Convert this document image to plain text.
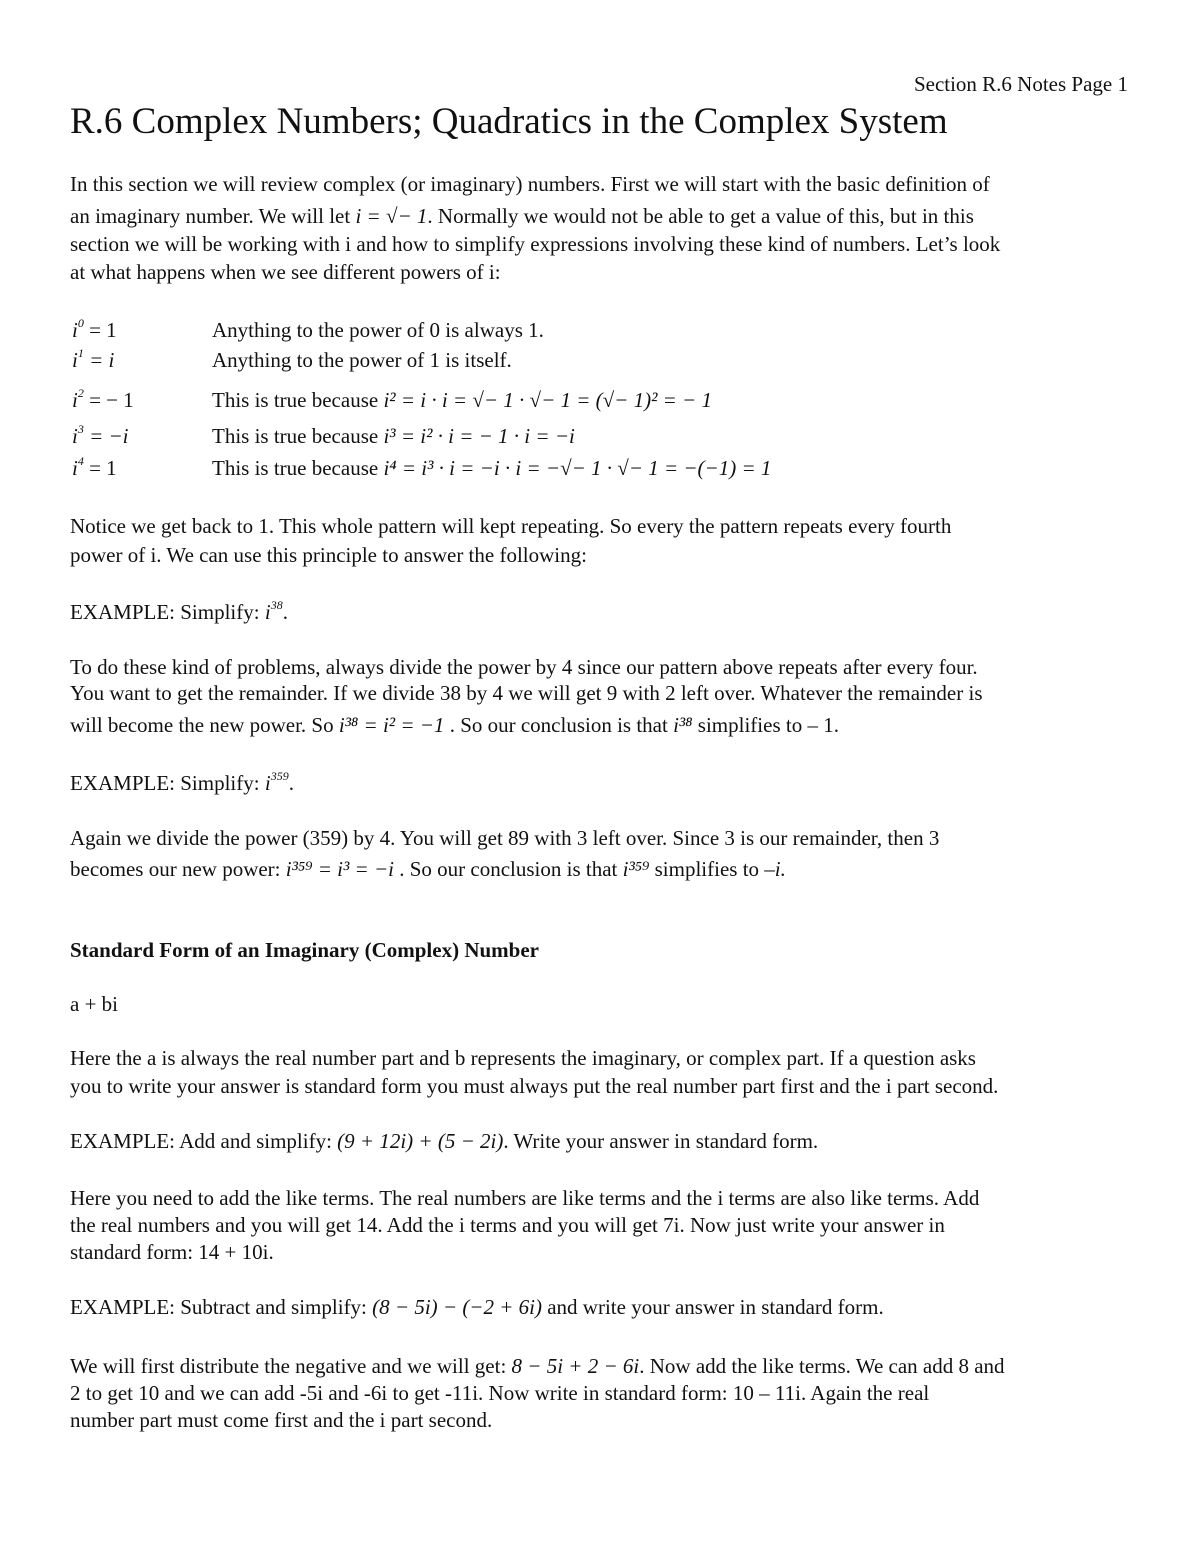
Section R.6 Notes Page 1
R.6 Complex Numbers; Quadratics in the Complex System
In this section we will review complex (or imaginary) numbers. First we will start with the basic definition of
an imaginary number. We will let i = √− 1. Normally we would not be able to get a value of this, but in this
section we will be working with i and how to simplify expressions involving these kind of numbers. Let’s look
at what happens when we see different powers of i:
$i^0 = 1$	Anything to the power of 0 is always 1.
$i^1 = i$	Anything to the power of 1 is itself.
$i^2$ = − 1	This is true because i² = i · i = √− 1 · √− 1 = (√− 1)² = − 1
$i^3 = -i$	This is true because i³ = i² · i = − 1 · i = −i
$i^4 = 1$	This is true because i⁴ = i³ · i = −i · i = −√− 1 · √− 1 = −(−1) = 1
Notice we get back to 1. This whole pattern will kept repeating. So every the pattern repeats every fourth
power of i. We can use this principle to answer the following:
EXAMPLE: Simplify: $i^{38}$.
To do these kind of problems, always divide the power by 4 since our pattern above repeats after every four.
You want to get the remainder. If we divide 38 by 4 we will get 9 with 2 left over. Whatever the remainder is
will become the new power. So i³⁸ = i² = −1 . So our conclusion is that i³⁸ simplifies to – 1.
EXAMPLE: Simplify: $i^{359}$.
Again we divide the power (359) by 4. You will get 89 with 3 left over. Since 3 is our remainder, then 3
becomes our new power: i³⁵⁹ = i³ = −i . So our conclusion is that i³⁵⁹ simplifies to –i.
Standard Form of an Imaginary (Complex) Number
a + bi
Here the a is always the real number part and b represents the imaginary, or complex part. If a question asks
you to write your answer is standard form you must always put the real number part first and the i part second.
EXAMPLE: Add and simplify: (9 + 12i) + (5 − 2i). Write your answer in standard form.
Here you need to add the like terms. The real numbers are like terms and the i terms are also like terms. Add
the real numbers and you will get 14. Add the i terms and you will get 7i. Now just write your answer in
standard form: 14 + 10i.
EXAMPLE: Subtract and simplify: (8 − 5i) − (−2 + 6i) and write your answer in standard form.
We will first distribute the negative and we will get: 8 − 5i + 2 − 6i. Now add the like terms. We can add 8 and
2 to get 10 and we can add -5i and -6i to get -11i. Now write in standard form: 10 – 11i. Again the real
number part must come first and the i part second.
